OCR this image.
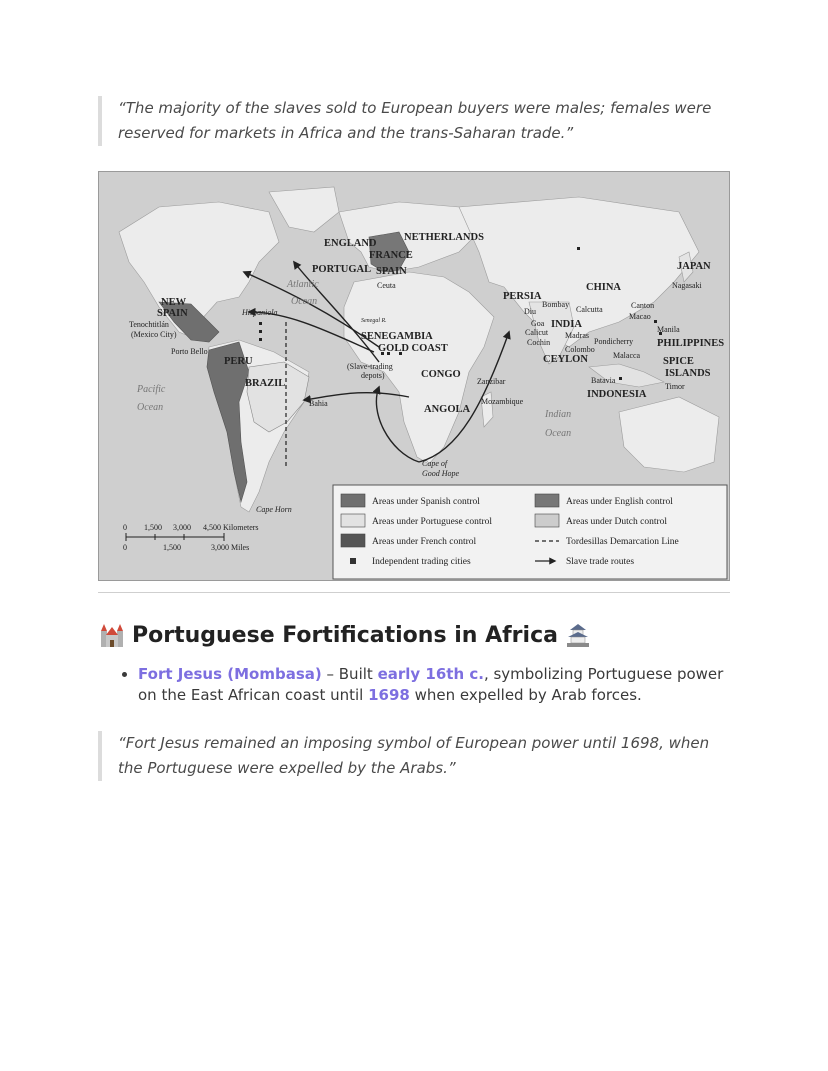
“The majority of the slaves sold to European buyers were males; females were reserved for markets in Africa and the trans-Saharan trade.”
ENGLAND
NETHERLANDS
FRANCE
PORTUGAL SPAIN
NEW
SPAIN
PERU
BRAZIL
SENEGAMBIA
GOLD COAST
CONGO
ANGOLA
PERSIA
INDIA
CEYLON
CHINA
JAPAN
PHILIPPINES
SPICE
ISLANDS
INDONESIA
Ceuta
Tenochtitlán
(Mexico City)
Hispaniola
Porto Bello
Bahia
Senegal R.
(Slave-trading
depots)
Zanzibar
Mozambique
Cape of
Good Hope
Cape Horn
Diu
Goa
Bombay
Calcutta
Calicut Madras
Cochin
Colombo
Pondicherry
Malacca
Canton
Macao
Nagasaki
Manila
Batavia
Timor
Atlantic
Ocean
Pacific
Ocean
Indian
Ocean
0 1,500 3,000 4,500 Kilometers
0	1,500	3,000 Miles
Areas under Spanish control
Areas under Portuguese control
Areas under French control
Independent trading cities
Areas under English control
Areas under Dutch control
Tordesillas Demarcation Line
Slave trade routes
Portuguese Fortifications in Africa
• Fort Jesus (Mombasa) – Built early 16th c., symbolizing Portuguese power on the East African coast until 1698 when expelled by Arab forces.
“Fort Jesus remained an imposing symbol of European power until 1698, when the Portuguese were expelled by the Arabs.”
